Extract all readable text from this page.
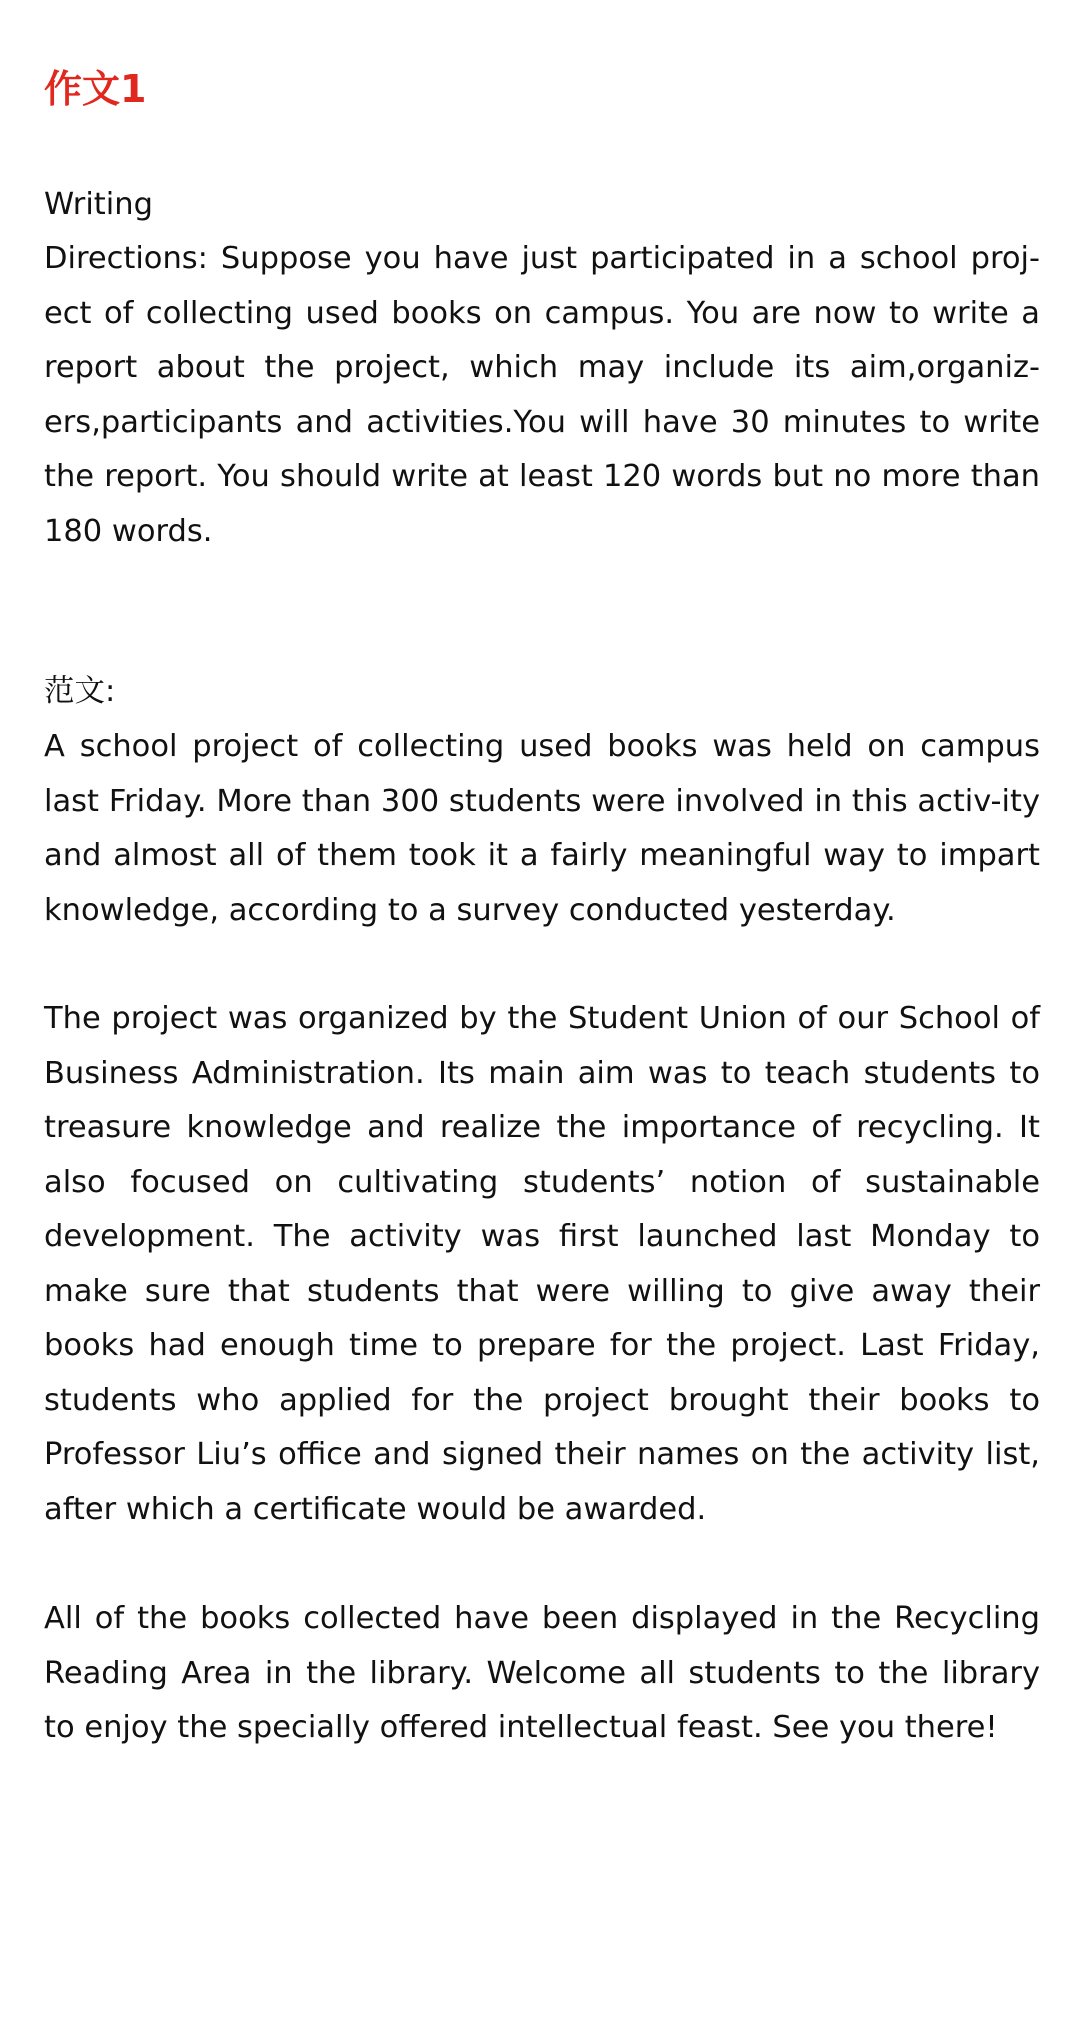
作文1
Writing
Directions: Suppose you have just participated in a school proj-ect of collecting used books on campus. You are now to write a report about the project, which may include its aim,organiz-ers,participants and activities.You will have 30 minutes to write the report. You should write at least 120 words but no more than 180 words.
范文:
A school project of collecting used books was held on campus last Friday. More than 300 students were involved in this activ-ity and almost all of them took it a fairly meaningful way to impart knowledge, according to a survey conducted yesterday.
The project was organized by the Student Union of our School of Business Administration. Its main aim was to teach students to treasure knowledge and realize the importance of recycling. It also focused on cultivating students’ notion of sustainable development. The activity was first launched last Monday to make sure that students that were willing to give away their books had enough time to prepare for the project. Last Friday, students who applied for the project brought their books to Professor Liu’s office and signed their names on the activity list, after which a certificate would be awarded.
All of the books collected have been displayed in the Recycling Reading Area in the library. Welcome all students to the library to enjoy the specially offered intellectual feast. See you there!
